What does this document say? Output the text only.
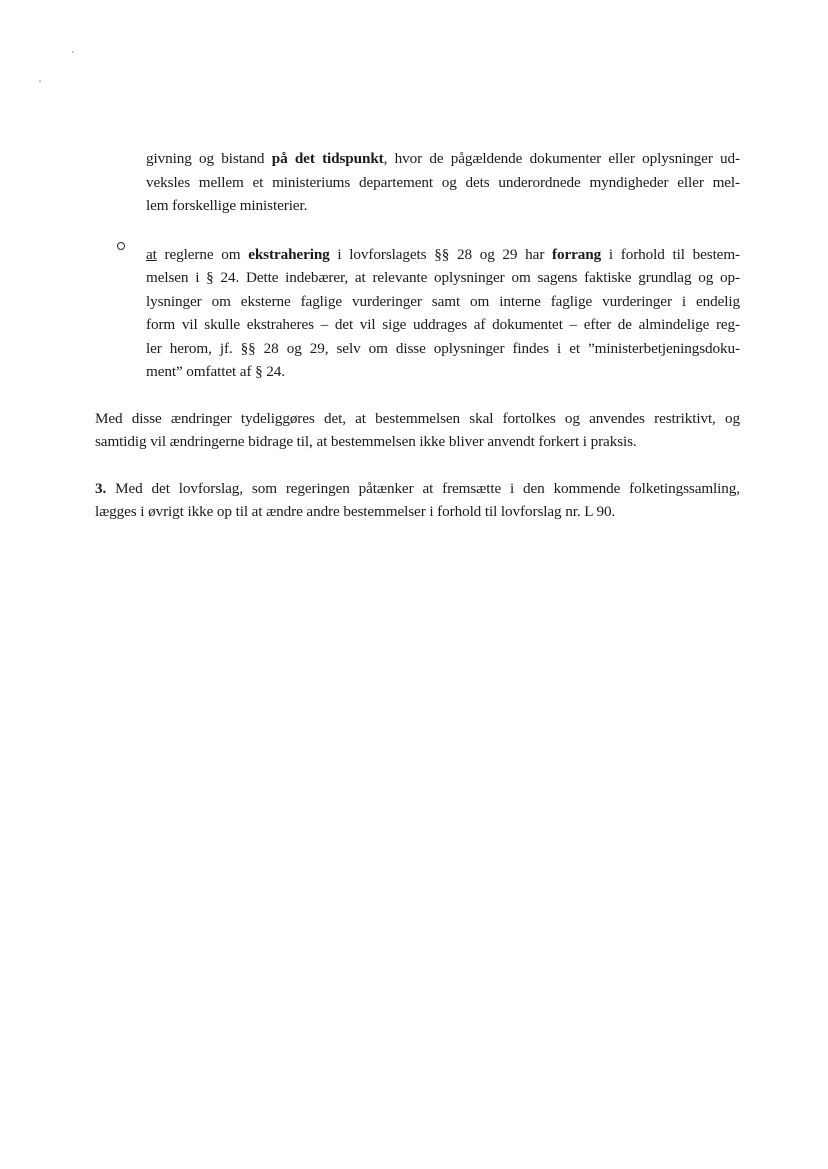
givning og bistand på det tidspunkt, hvor de pågældende dokumenter eller oplysninger ud-
veksles mellem et ministeriums departement og dets underordnede myndigheder eller mel-
lem forskellige ministerier.
at reglerne om ekstrahering i lovforslagets §§ 28 og 29 har forrang i forhold til bestem-
melsen i § 24. Dette indebærer, at relevante oplysninger om sagens faktiske grundlag og op-
lysninger om eksterne faglige vurderinger samt om interne faglige vurderinger i endelig
form vil skulle ekstraheres – det vil sige uddrages af dokumentet – efter de almindelige reg-
ler herom, jf. §§ 28 og 29, selv om disse oplysninger findes i et ”ministerbetjeningsdoku-
ment” omfattet af § 24.
Med disse ændringer tydeliggøres det, at bestemmelsen skal fortolkes og anvendes restriktivt, og
samtidig vil ændringerne bidrage til, at bestemmelsen ikke bliver anvendt forkert i praksis.
3. Med det lovforslag, som regeringen påtænker at fremsætte i den kommende folketingssamling,
lægges i øvrigt ikke op til at ændre andre bestemmelser i forhold til lovforslag nr. L 90.
